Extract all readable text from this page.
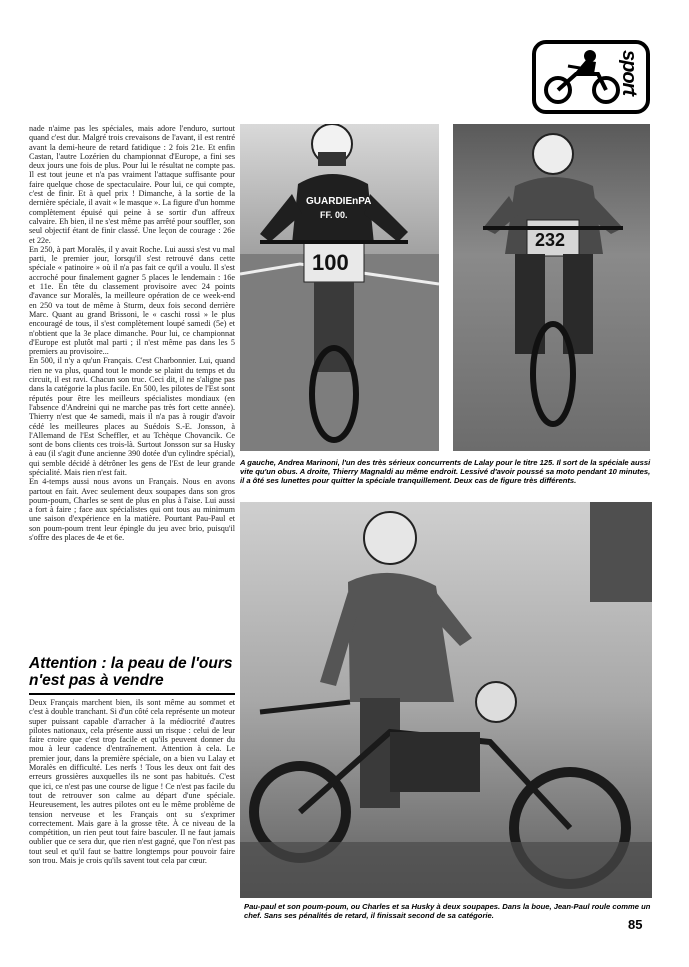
sport

nade n'aime pas les spéciales, mais adore l'enduro, surtout quand c'est dur. Malgré trois crevaisons de l'avant, il est rentré avant la demi-heure de retard fatidique : 2 fois 21e. Et enfin Castan, l'autre Lozérien du championnat d'Europe, a fini ses deux jours une fois de plus. Pour lui le résultat ne compte pas. Il est tout jeune et n'a pas vraiment l'attaque suffisante pour faire quelque chose de spectaculaire. Pour lui, ce qui compte, c'est de finir. Et à quel prix ! Dimanche, à la sortie de la dernière spéciale, il avait « le masque ». La figure d'un homme complètement épuisé qui peine à se sortir d'un affreux calvaire. Eh bien, il ne s'est même pas arrêté pour souffler, son seul objectif étant de finir classé. Une leçon de courage : 26e et 22e.

En 250, à part Moralès, il y avait Roche. Lui aussi s'est vu mal parti, le premier jour, lorsqu'il s'est retrouvé dans cette spéciale « patinoire » où il n'a pas fait ce qu'il a voulu. Il s'est accroché pour finalement gagner 5 places le lendemain : 16e et 11e. En tête du classement provisoire avec 24 points d'avance sur Moralès, la meilleure opération de ce week-end en 250 va tout de même à Sturm, deux fois second derrière Marc. Quant au grand Brissoni, le « caschi rossi » le plus encouragé de tous, il s'est complètement loupé samedi (5e) et n'obtient que la 3e place dimanche. Pour lui, ce championnat d'Europe est plutôt mal parti ; il n'est même pas dans les 5 premiers au provisoire...

En 500, il n'y a qu'un Français. C'est Charbonnier. Lui, quand rien ne va plus, quand tout le monde se plaint du temps et du circuit, il est ravi. Chacun son truc. Ceci dit, il ne s'aligne pas dans la catégorie la plus facile. En 500, les pilotes de l'Est sont réputés pour être les meilleurs spécialistes mondiaux (en l'absence d'Andreini qui ne marche pas très fort cette année). Thierry n'est que 4e samedi, mais il n'a pas à rougir d'avoir cédé les meilleures places au Suédois S.-E. Jonsson, à l'Allemand de l'Est Scheffler, et au Tchèque Chovancik. Ce sont de bons clients ces trois-là. Surtout Jonsson sur sa Husky à eau (il s'agit d'une ancienne 390 dotée d'un cylindre spécial), qui semble décidé à détrôner les gens de l'Est de leur grande spécialité. Mais rien n'est fait.

En 4-temps aussi nous avons un Français. Nous en avons partout en fait. Avec seulement deux soupapes dans son gros poum-poum, Charles se sent de plus en plus à l'aise. Lui aussi a fort à faire ; face aux spécialistes qui ont tous au minimum une saison d'expérience en la matière. Pourtant Pau-Paul et son poum-poum trent leur épingle du jeu avec brio, puisqu'il s'offre des places de 4e et 6e.

Attention : la peau de l'ours n'est pas à vendre

Deux Français marchent bien, ils sont même au sommet et c'est à double tranchant. Si d'un côté cela représente un moteur super puissant capable d'arracher à la médiocrité d'autres pilotes nationaux, cela présente aussi un risque : celui de leur faire croire que c'est trop facile et qu'ils peuvent donner du mou à leur cadence d'entraînement. Attention à cela. Le premier jour, dans la première spéciale, on a bien vu Lalay et Moralès en difficulté. Les nerfs ! Tous les deux ont fait des erreurs grossières auxquelles ils ne sont pas habitués. C'est que ici, ce n'est pas une course de ligue ! Ce n'est pas facile du tout de retrouver son calme au départ d'une spéciale. Heureusement, les autres pilotes ont eu le même problème de tension nerveuse et les Français ont su s'exprimer correctement. Mais gare à la grosse tête. À ce niveau de la compétition, un rien peut tout faire basculer. Il ne faut jamais oublier que ce sera dur, que rien n'est gagné, que l'on n'est pas tout seul et qu'il faut se battre longtemps pour pouvoir faire son trou. Mais je crois qu'ils savent tout cela par cœur.

GUARDIEnPA
FF. 00.
100
232
A gauche, Andrea Marinoni, l'un des très sérieux concurrents de Lalay pour le titre 125. Il sort de la spéciale aussi vite qu'un obus. A droite, Thierry Magnaldi au même endroit. Lessivé d'avoir poussé sa moto pendant 10 minutes, il a ôté ses lunettes pour quitter la spéciale tranquillement. Deux cas de figure très différents.
Pau-paul et son poum-poum, ou Charles et sa Husky à deux soupapes. Dans la boue, Jean-Paul roule comme un chef. Sans ses pénalités de retard, il finissait second de sa catégorie.
85
